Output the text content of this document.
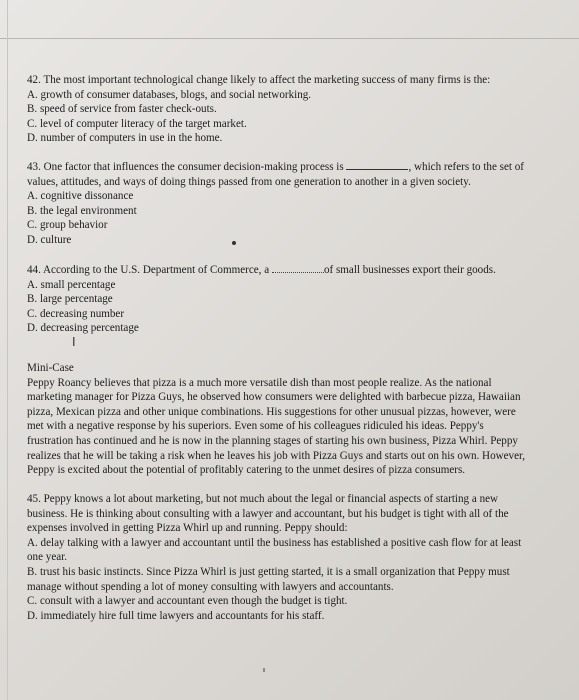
42. The most important technological change likely to affect the marketing success of many firms is the:

A. growth of consumer databases, blogs, and social networking.

B. speed of service from faster check-outs.

C. level of computer literacy of the target market.

D. number of computers in use in the home.

43. One factor that influences the consumer decision-making process is	, which refers to the set of

values, attitudes, and ways of doing things passed from one generation to another in a given society.

A. cognitive dissonance

B. the legal environment

C. group behavior

D. culture

44. According to the U.S. Department of Commerce, a	of small businesses export their goods.

A. small percentage

B. large percentage

C. decreasing number

D. decreasing percentage

Mini-Case

Peppy Roancy believes that pizza is a much more versatile dish than most people realize. As the national

marketing manager for Pizza Guys, he observed how consumers were delighted with barbecue pizza, Hawaiian

pizza, Mexican pizza and other unique combinations. His suggestions for other unusual pizzas, however, were

met with a negative response by his superiors. Even some of his colleagues ridiculed his ideas. Peppy's

frustration has continued and he is now in the planning stages of starting his own business, Pizza Whirl. Peppy

realizes that he will be taking a risk when he leaves his job with Pizza Guys and starts out on his own. However,

Peppy is excited about the potential of profitably catering to the unmet desires of pizza consumers.

45. Peppy knows a lot about marketing, but not much about the legal or financial aspects of starting a new

business. He is thinking about consulting with a lawyer and accountant, but his budget is tight with all of the

expenses involved in getting Pizza Whirl up and running. Peppy should:

A. delay talking with a lawyer and accountant until the business has established a positive cash flow for at least

one year.

B. trust his basic instincts. Since Pizza Whirl is just getting started, it is a small organization that Peppy must

manage without spending a lot of money consulting with lawyers and accountants.

C. consult with a lawyer and accountant even though the budget is tight.

D. immediately hire full time lawyers and accountants for his staff.

I
